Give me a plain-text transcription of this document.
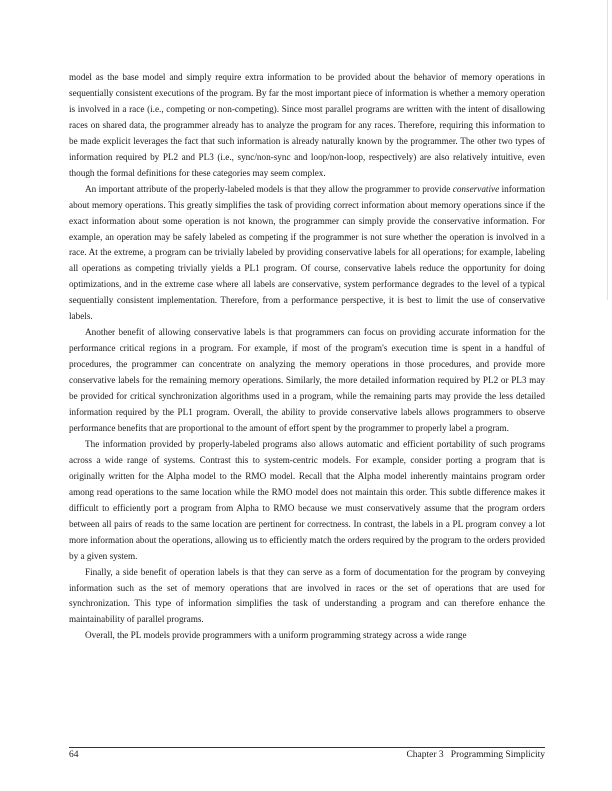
model as the base model and simply require extra information to be provided about the behavior of memory operations in sequentially consistent executions of the program. By far the most important piece of information is whether a memory operation is involved in a race (i.e., competing or non-competing). Since most parallel programs are written with the intent of disallowing races on shared data, the programmer already has to analyze the program for any races. Therefore, requiring this information to be made explicit leverages the fact that such information is already naturally known by the programmer. The other two types of information required by PL2 and PL3 (i.e., sync/non-sync and loop/non-loop, respectively) are also relatively intuitive, even though the formal definitions for these categories may seem complex.

An important attribute of the properly-labeled models is that they allow the programmer to provide conservative information about memory operations. This greatly simplifies the task of providing correct information about memory operations since if the exact information about some operation is not known, the programmer can simply provide the conservative information. For example, an operation may be safely labeled as competing if the programmer is not sure whether the operation is involved in a race. At the extreme, a program can be trivially labeled by providing conservative labels for all operations; for example, labeling all operations as competing trivially yields a PL1 program. Of course, conservative labels reduce the opportunity for doing optimizations, and in the extreme case where all labels are conservative, system performance degrades to the level of a typical sequentially consistent implementation. Therefore, from a performance perspective, it is best to limit the use of conservative labels.

Another benefit of allowing conservative labels is that programmers can focus on providing accurate information for the performance critical regions in a program. For example, if most of the program's execution time is spent in a handful of procedures, the programmer can concentrate on analyzing the memory operations in those procedures, and provide more conservative labels for the remaining memory operations. Similarly, the more detailed information required by PL2 or PL3 may be provided for critical synchronization algorithms used in a program, while the remaining parts may provide the less detailed information required by the PL1 program. Overall, the ability to provide conservative labels allows programmers to observe performance benefits that are proportional to the amount of effort spent by the programmer to properly label a program.

The information provided by properly-labeled programs also allows automatic and efficient portability of such programs across a wide range of systems. Contrast this to system-centric models. For example, consider porting a program that is originally written for the Alpha model to the RMO model. Recall that the Alpha model inherently maintains program order among read operations to the same location while the RMO model does not maintain this order. This subtle difference makes it difficult to efficiently port a program from Alpha to RMO because we must conservatively assume that the program orders between all pairs of reads to the same location are pertinent for correctness. In contrast, the labels in a PL program convey a lot more information about the operations, allowing us to efficiently match the orders required by the program to the orders provided by a given system.

Finally, a side benefit of operation labels is that they can serve as a form of documentation for the program by conveying information such as the set of memory operations that are involved in races or the set of operations that are used for synchronization. This type of information simplifies the task of understanding a program and can therefore enhance the maintainability of parallel programs.

Overall, the PL models provide programmers with a uniform programming strategy across a wide range

64	Chapter 3   Programming Simplicity
